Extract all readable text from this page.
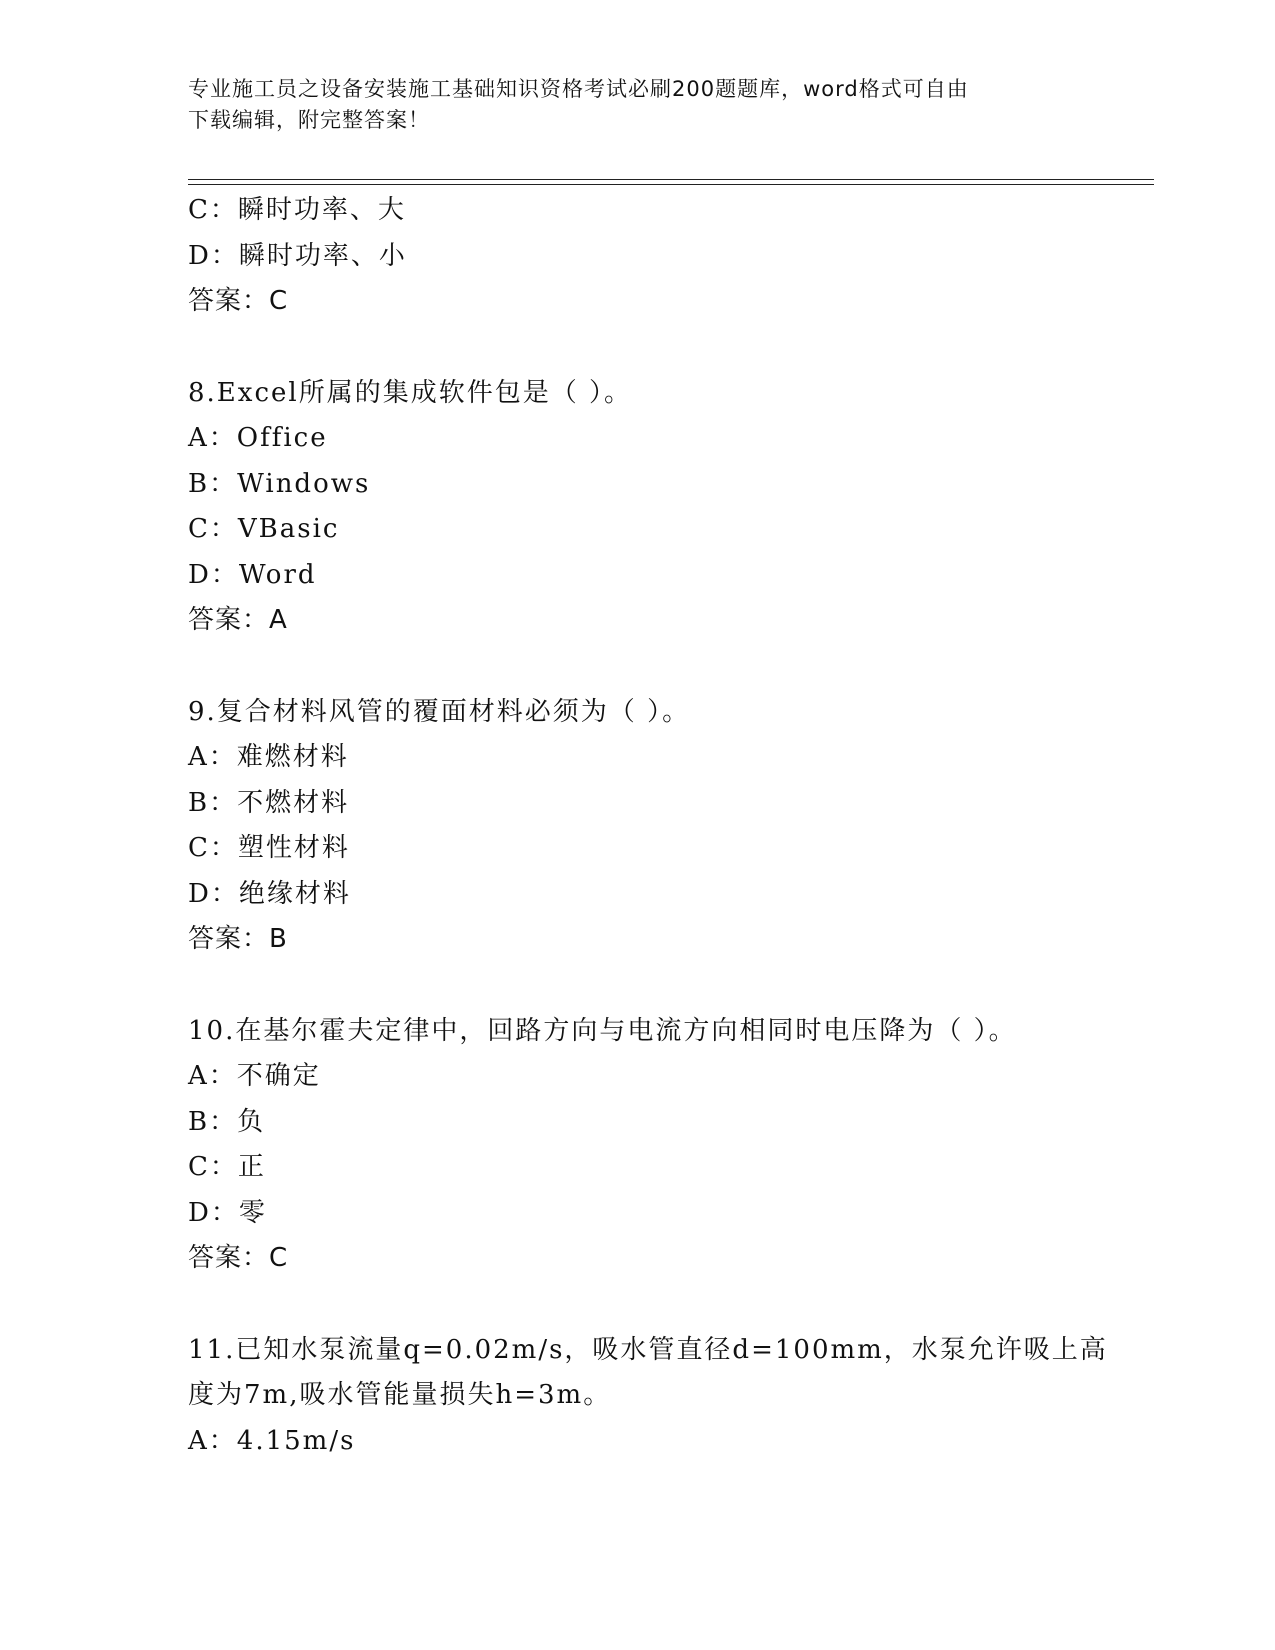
专业施工员之设备安装施工基础知识资格考试必刷200题题库，word格式可自由
下载编辑，附完整答案！
C：瞬时功率、大
D：瞬时功率、小
答案：C
8.Excel所属的集成软件包是（ ）。
A：Office
B：Windows
C：VBasic
D：Word
答案：A
9.复合材料风管的覆面材料必须为（ ）。
A：难燃材料
B：不燃材料
C：塑性材料
D：绝缘材料
答案：B
10.在基尔霍夫定律中，回路方向与电流方向相同时电压降为（ ）。
A：不确定
B：负
C：正
D：零
答案：C
11.已知水泵流量q=0.02m/s，吸水管直径d=100mm，水泵允许吸上高
度为7m,吸水管能量损失h=3m。
A：4.15m/s
